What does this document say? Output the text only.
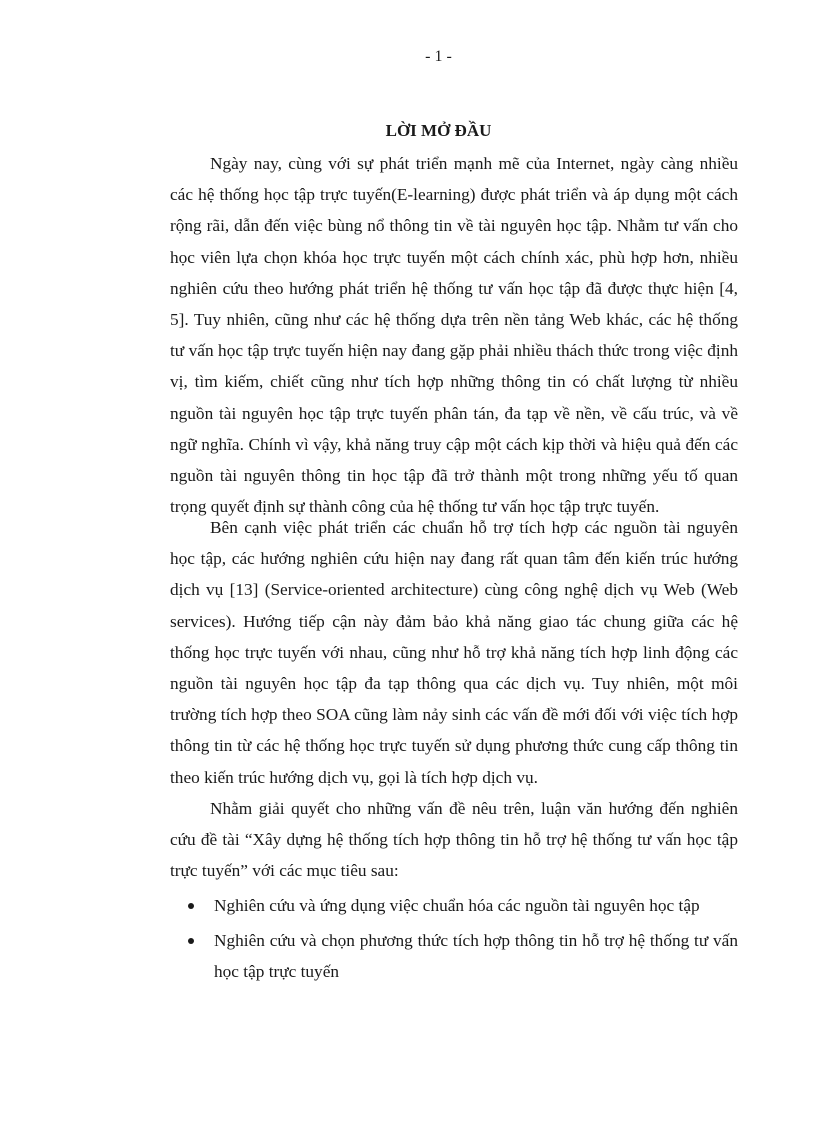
- 1 -
LỜI MỞ ĐẦU

Ngày nay, cùng với sự phát triển mạnh mẽ của Internet, ngày càng nhiều các hệ thống học tập trực tuyến(E-learning) được phát triển và áp dụng một cách rộng rãi, dẫn đến việc bùng nổ thông tin về tài nguyên học tập. Nhằm tư vấn cho học viên lựa chọn khóa học trực tuyến một cách chính xác, phù hợp hơn, nhiều nghiên cứu theo hướng phát triển hệ thống tư vấn học tập đã được thực hiện [4, 5]. Tuy nhiên, cũng như các hệ thống dựa trên nền tảng Web khác, các hệ thống tư vấn học tập trực tuyến hiện nay đang gặp phải nhiều thách thức trong việc định vị, tìm kiếm, chiết cũng như tích hợp những thông tin có chất lượng từ nhiều nguồn tài nguyên học tập trực tuyến phân tán, đa tạp về nền, về cấu trúc, và về ngữ nghĩa. Chính vì vậy, khả năng truy cập một cách kịp thời và hiệu quả đến các nguồn tài nguyên thông tin học tập đã trở thành một trong những yếu tố quan trọng quyết định sự thành công của hệ thống tư vấn học tập trực tuyến.

Bên cạnh việc phát triển các chuẩn hỗ trợ tích hợp các nguồn tài nguyên học tập, các hướng nghiên cứu hiện nay đang rất quan tâm đến kiến trúc hướng dịch vụ [13] (Service-oriented architecture) cùng công nghệ dịch vụ Web (Web services). Hướng tiếp cận này đảm bảo khả năng giao tác chung giữa các hệ thống học trực tuyến với nhau, cũng như hỗ trợ khả năng tích hợp linh động các nguồn tài nguyên học tập đa tạp thông qua các dịch vụ. Tuy nhiên, một môi trường tích hợp theo SOA cũng làm nảy sinh các vấn đề mới đối với việc tích hợp thông tin từ các hệ thống học trực tuyến sử dụng phương thức cung cấp thông tin theo kiến trúc hướng dịch vụ, gọi là tích hợp dịch vụ.

Nhằm giải quyết cho những vấn đề nêu trên, luận văn hướng đến nghiên cứu đề tài “Xây dựng hệ thống tích hợp thông tin hỗ trợ hệ thống tư vấn học tập trực tuyến” với các mục tiêu sau:

Nghiên cứu và ứng dụng việc chuẩn hóa các nguồn tài nguyên học tập
Nghiên cứu và chọn phương thức tích hợp thông tin hỗ trợ hệ thống tư vấn học tập trực tuyến
